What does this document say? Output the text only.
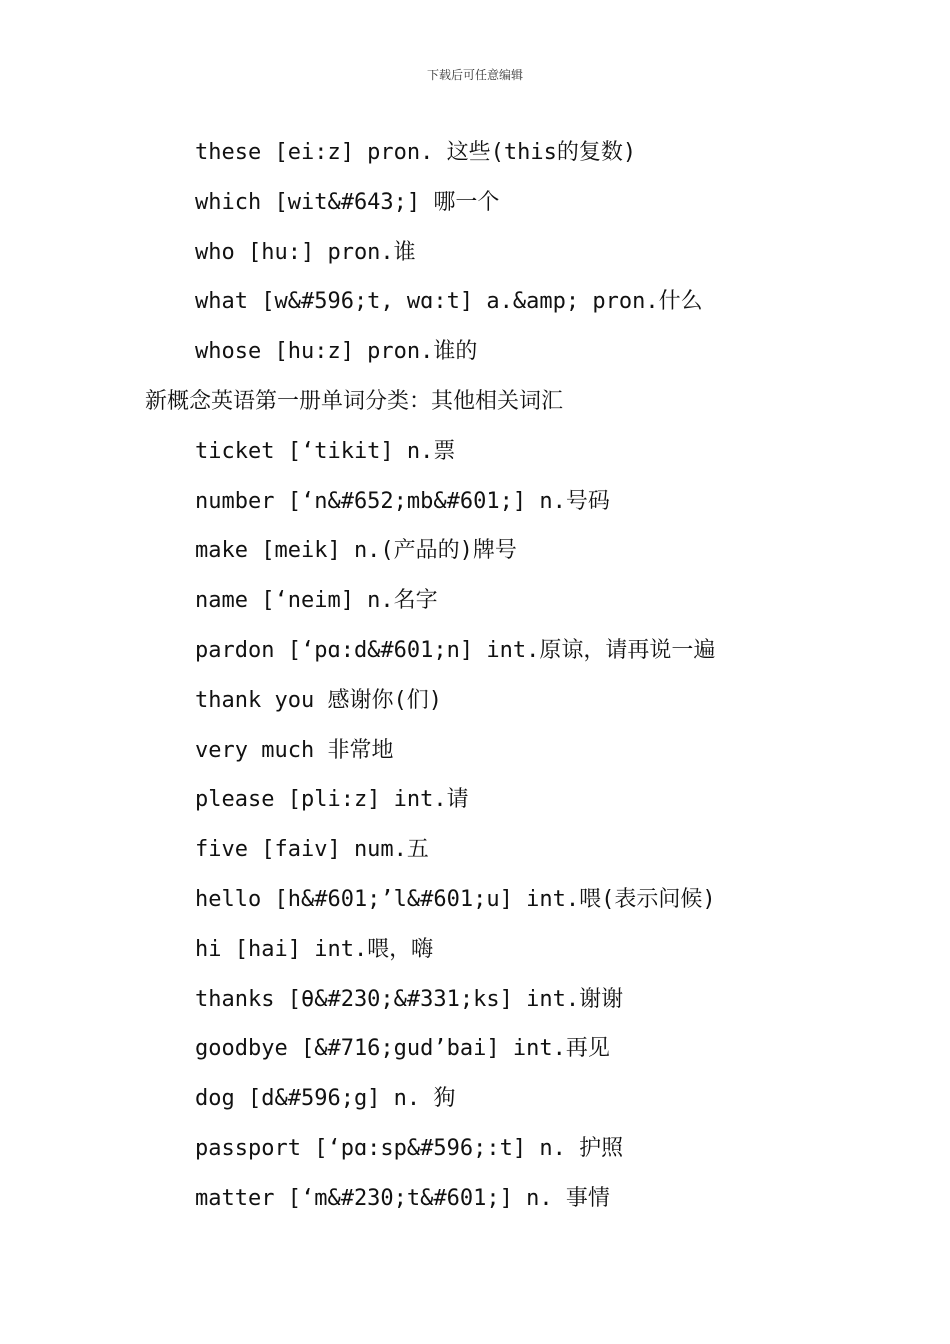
下载后可任意编辑
these [ei:z] pron. 这些(this的复数)
which [wit&#643;] 哪一个
who [hu:] pron.谁
what [w&#596;t, wɑ:t] a.&amp; pron.什么
whose [hu:z] pron.谁的
新概念英语第一册单词分类：其他相关词汇
ticket [‘tikit] n.票
number [‘n&#652;mb&#601;] n.号码
make [meik] n.(产品的)牌号
name [‘neim] n.名字
pardon [‘pɑ:d&#601;n] int.原谅，请再说一遍
thank you 感谢你(们)
very much 非常地
please [pli:z] int.请
five [faiv] num.五
hello [h&#601;’l&#601;u] int.喂(表示问候)
hi [hai] int.喂，嗨
thanks [θ&#230;&#331;ks] int.谢谢
goodbye [&#716;gud’bai] int.再见
dog [d&#596;g] n. 狗
passport [‘pɑ:sp&#596;:t] n. 护照
matter [‘m&#230;t&#601;] n. 事情
